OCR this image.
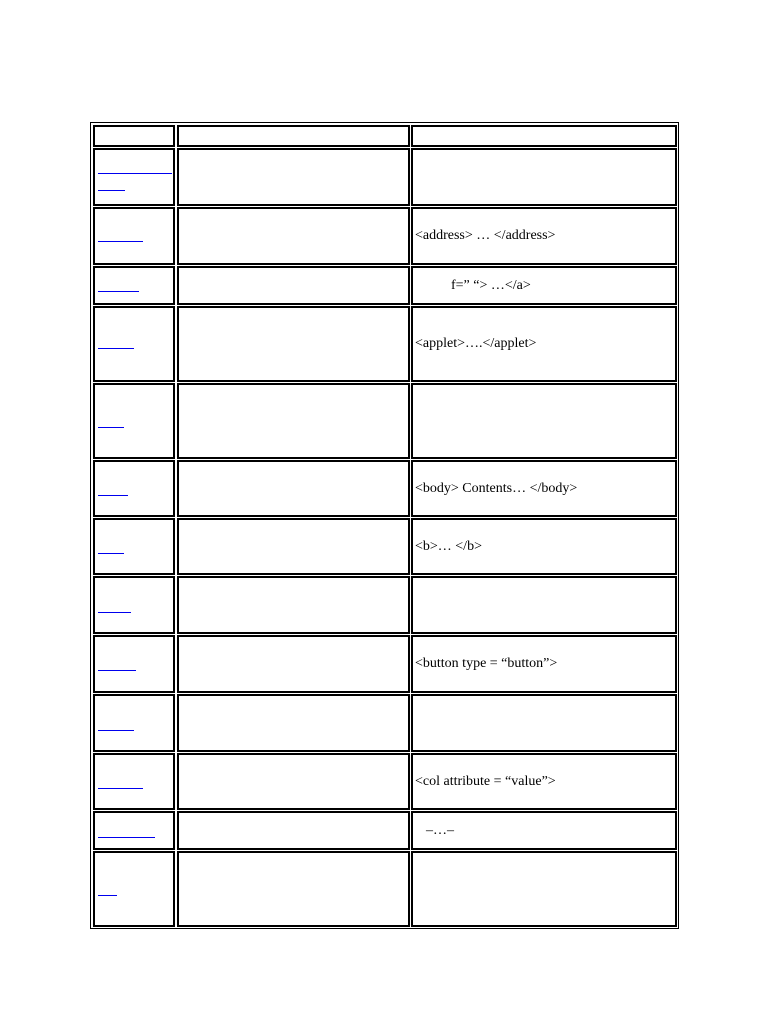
<address> … </address>
f=” “> …</a>
<applet>….</applet>
<body> Contents… </body>
<b>… </b>
<button type = “button”>
<col attribute = “value”>
–…–
